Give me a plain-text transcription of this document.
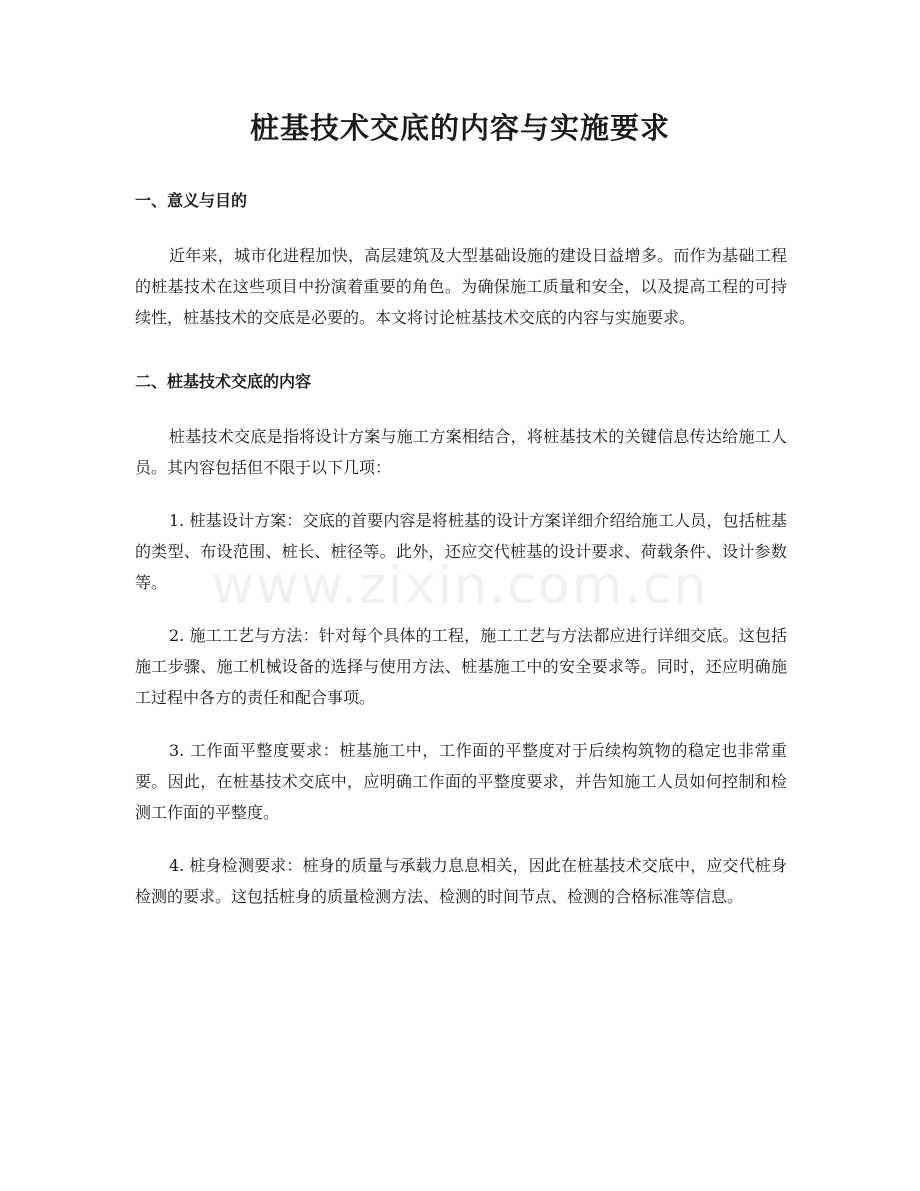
桩基技术交底的内容与实施要求
一、意义与目的

近年来，城市化进程加快，高层建筑及大型基础设施的建设日益增多。而作为基础工程的桩基技术在这些项目中扮演着重要的角色。为确保施工质量和安全，以及提高工程的可持续性，桩基技术的交底是必要的。本文将讨论桩基技术交底的内容与实施要求。

二、桩基技术交底的内容

桩基技术交底是指将设计方案与施工方案相结合，将桩基技术的关键信息传达给施工人员。其内容包括但不限于以下几项：

1. 桩基设计方案：交底的首要内容是将桩基的设计方案详细介绍给施工人员，包括桩基的类型、布设范围、桩长、桩径等。此外，还应交代桩基的设计要求、荷载条件、设计参数等。

2. 施工工艺与方法：针对每个具体的工程，施工工艺与方法都应进行详细交底。这包括施工步骤、施工机械设备的选择与使用方法、桩基施工中的安全要求等。同时，还应明确施工过程中各方的责任和配合事项。

3. 工作面平整度要求：桩基施工中，工作面的平整度对于后续构筑物的稳定也非常重要。因此，在桩基技术交底中，应明确工作面的平整度要求，并告知施工人员如何控制和检测工作面的平整度。

4. 桩身检测要求：桩身的质量与承载力息息相关，因此在桩基技术交底中，应交代桩身检测的要求。这包括桩身的质量检测方法、检测的时间节点、检测的合格标准等信息。

www.zixin.com.cn
